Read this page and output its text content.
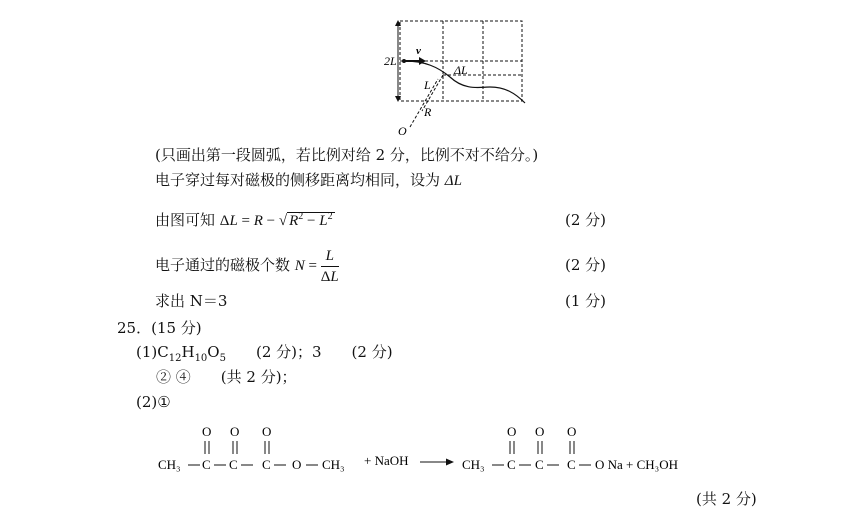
2L
v
ΔL
L
R
O
(只画出第一段圆弧，若比例对给 2 分，比例不对不给分。)
电子穿过每对磁极的侧移距离均相同，设为 ΔL
由图可知 ΔL = R − √ $R^2 - L^2$	(2 分)
电子通过的磁极个数 $N = \frac{L}{\Delta L}$	(2 分)
求出 N＝3	(1 分)
25．(15 分)
$(1)C_{12}H_{10}O_5$ (2 分)；3 (2 分)
② ④　　(共 2 分)；
(2)①
CH₃ C C C O CH₃
O O O
+ NaOH	CH₃ C C C O Na + CH₃OH
O O O
(共 2 分)
